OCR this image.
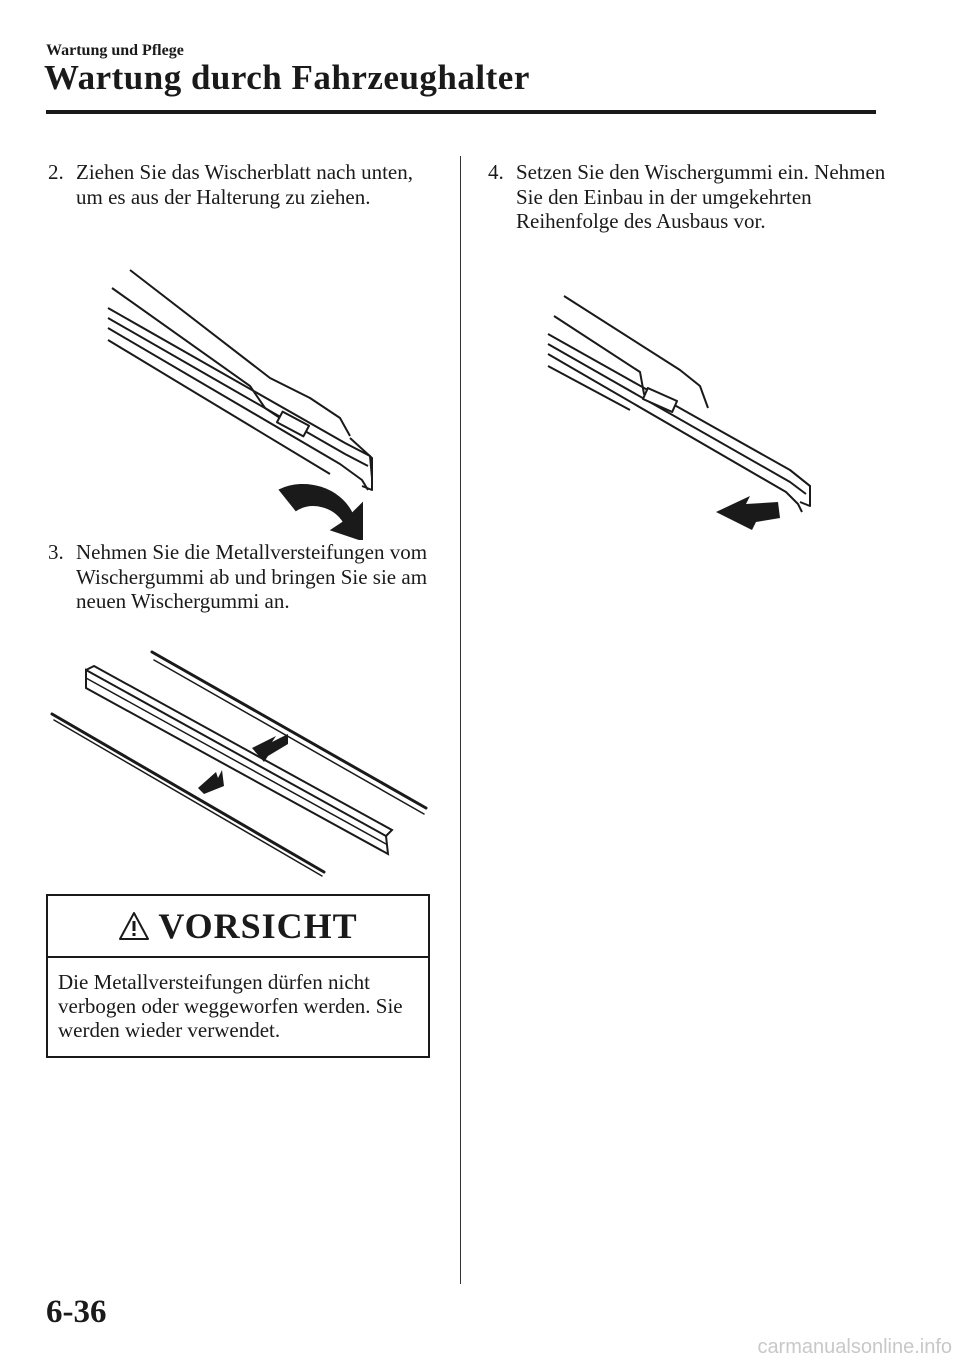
Wartung und Pflege
Wartung durch Fahrzeughalter
2. Ziehen Sie das Wischerblatt nach unten, um es aus der Halterung zu ziehen.
3. Nehmen Sie die Metallversteifungen vom Wischergummi ab und bringen Sie sie am neuen Wischergummi an.
VORSICHT
Die Metallversteifungen dürfen nicht verbogen oder weggeworfen werden. Sie werden wieder verwendet.
4. Setzen Sie den Wischergummi ein. Nehmen Sie den Einbau in der umgekehrten Reihenfolge des Ausbaus vor.
6-36
carmanualsonline.info
